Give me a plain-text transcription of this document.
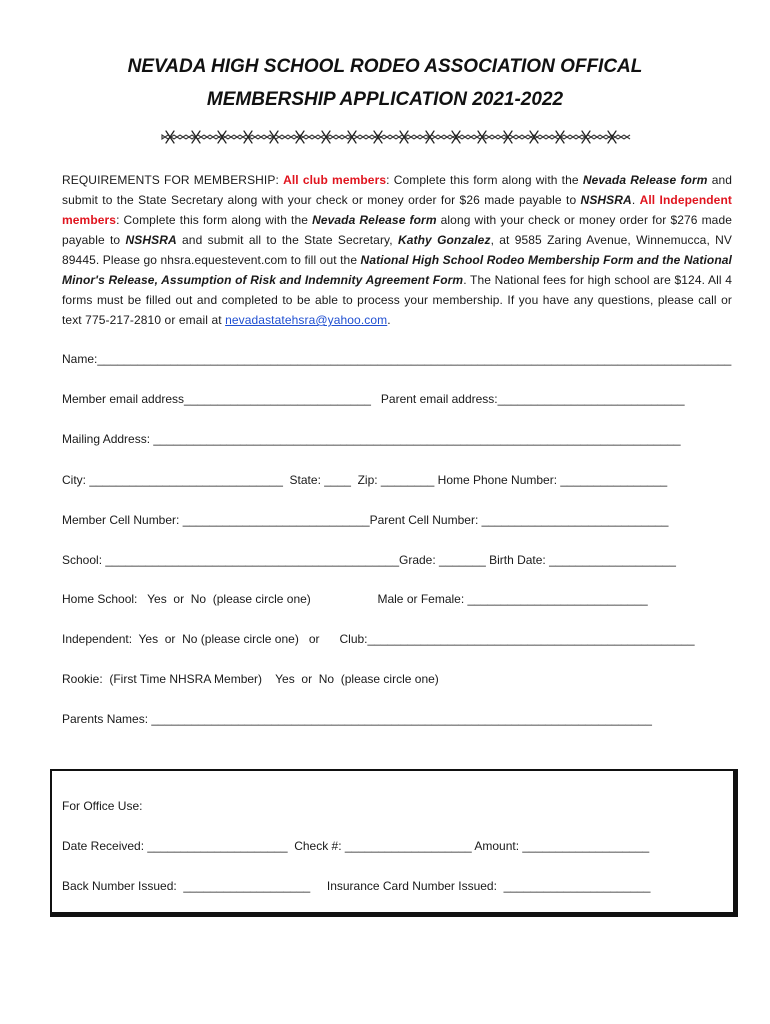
NEVADA HIGH SCHOOL RODEO ASSOCIATION OFFICAL
MEMBERSHIP APPLICATION 2021-2022
REQUIREMENTS FOR MEMBERSHIP: All club members: Complete this form along with the Nevada Release form and submit to the State Secretary along with your check or money order for $26 made payable to NSHSRA. All Independent members: Complete this form along with the Nevada Release form along with your check or money order for $276 made payable to NSHSRA and submit all to the State Secretary, Kathy Gonzalez, at 9585 Zaring Avenue, Winnemucca, NV 89445. Please go nhsra.equestevent.com to fill out the National High School Rodeo Membership Form and the National Minor's Release, Assumption of Risk and Indemnity Agreement Form. The National fees for high school are $124. All 4 forms must be filled out and completed to be able to process your membership. If you have any questions, please call or text 775-217-2810 or email at nevadastatehsra@yahoo.com.
Name:_______________________________________________________________________________________________
Member email address____________________________   Parent email address:____________________________
Mailing Address: _______________________________________________________________________________
City: _____________________________  State: ____  Zip: ________ Home Phone Number: ________________
Member Cell Number: ____________________________Parent Cell Number: ____________________________
School: ____________________________________________Grade: _______ Birth Date: ___________________
Home School:   Yes  or  No  (please circle one)                    Male or Female: ___________________________
Independent:  Yes  or  No (please circle one)   or      Club:_________________________________________________
Rookie:  (First Time NHSRA Member)    Yes  or  No  (please circle one)
Parents Names: ___________________________________________________________________________
For Office Use:
Date Received: _____________________  Check #: ___________________ Amount: ___________________
Back Number Issued:  ___________________     Insurance Card Number Issued:  ______________________
